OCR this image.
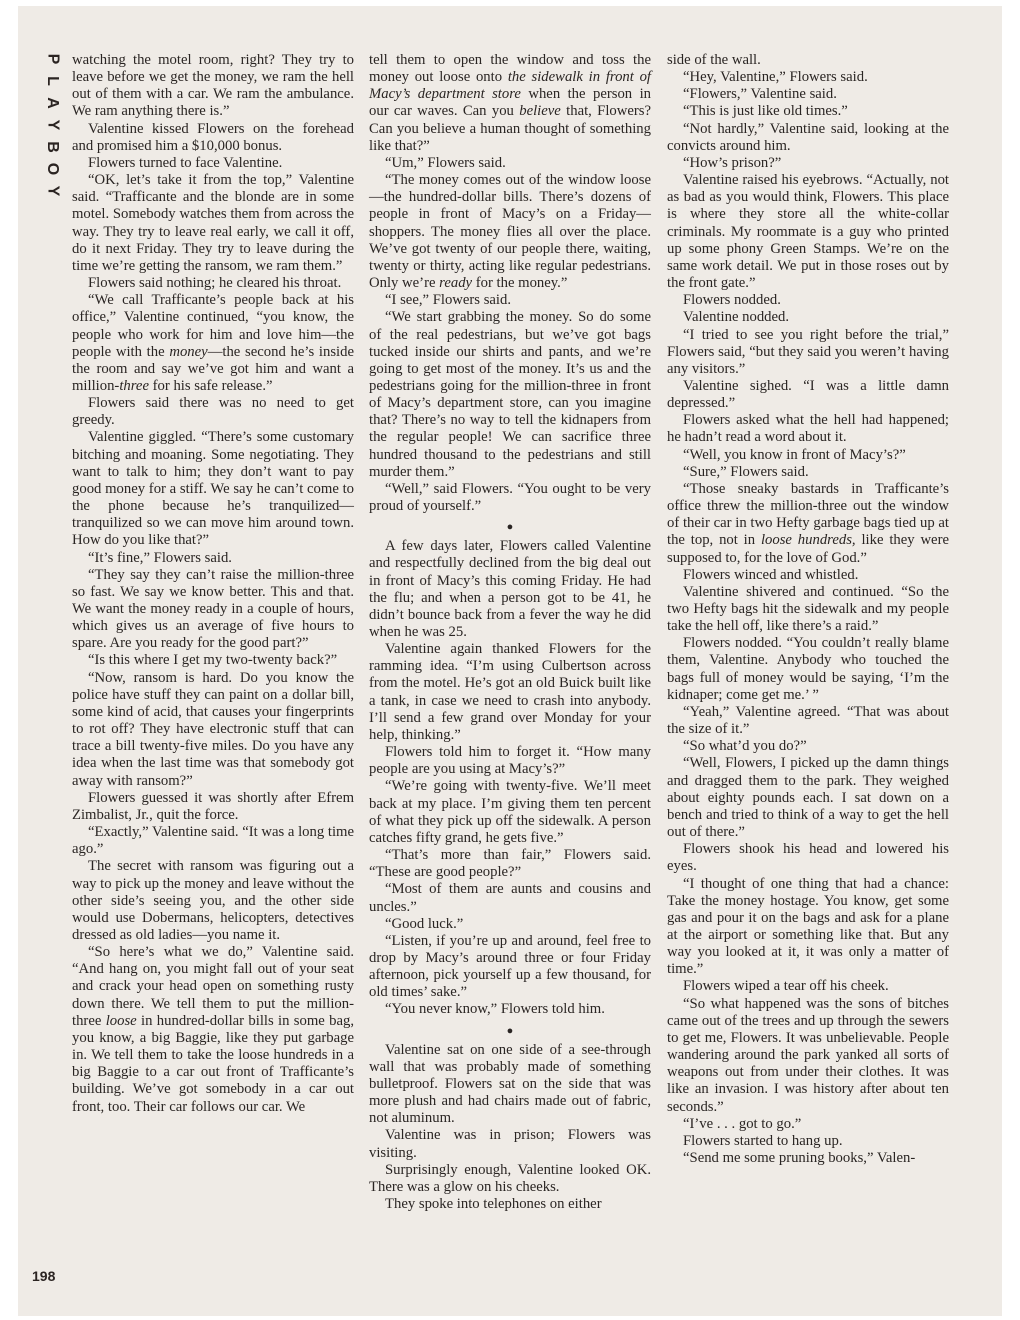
P
L
A
Y
B
O
Y

watching the motel room, right? They try to leave before we get the money, we ram the hell out of them with a car. We ram the ambulance. We ram anything there is.”

Valentine kissed Flowers on the forehead and promised him a $10,000 bonus.

Flowers turned to face Valentine.

“OK, let’s take it from the top,” Valentine said. “Trafficante and the blonde are in some motel. Somebody watches them from across the way. They try to leave real early, we call it off, do it next Friday. They try to leave during the time we’re getting the ransom, we ram them.”

Flowers said nothing; he cleared his throat.

“We call Trafficante’s people back at his office,” Valentine continued, “you know, the people who work for him and love him—the people with the money—the second he’s inside the room and say we’ve got him and want a million-three for his safe release.”

Flowers said there was no need to get greedy.

Valentine giggled. “There’s some customary bitching and moaning. Some negotiating. They want to talk to him; they don’t want to pay good money for a stiff. We say he can’t come to the phone because he’s tranquilized—tranquilized so we can move him around town. How do you like that?”

“It’s fine,” Flowers said.

“They say they can’t raise the million-three so fast. We say we know better. This and that. We want the money ready in a couple of hours, which gives us an average of five hours to spare. Are you ready for the good part?”

“Is this where I get my two-twenty back?”

“Now, ransom is hard. Do you know the police have stuff they can paint on a dollar bill, some kind of acid, that causes your fingerprints to rot off? They have electronic stuff that can trace a bill twenty-five miles. Do you have any idea when the last time was that somebody got away with ransom?”

Flowers guessed it was shortly after Efrem Zimbalist, Jr., quit the force.

“Exactly,” Valentine said. “It was a long time ago.”

The secret with ransom was figuring out a way to pick up the money and leave without the other side’s seeing you, and the other side would use Dobermans, helicopters, detectives dressed as old ladies—you name it.

“So here’s what we do,” Valentine said. “And hang on, you might fall out of your seat and crack your head open on something rusty down there. We tell them to put the million-three loose in hundred-dollar bills in some bag, you know, a big Baggie, like they put garbage in. We tell them to take the loose hundreds in a big Baggie to a car out front of Trafficante’s building. We’ve got somebody in a car out front, too. Their car follows our car. We

tell them to open the window and toss the money out loose onto the sidewalk in front of Macy’s department store when the person in our car waves. Can you believe that, Flowers? Can you believe a human thought of something like that?”

“Um,” Flowers said.

“The money comes out of the window loose—the hundred-dollar bills. There’s dozens of people in front of Macy’s on a Friday—shoppers. The money flies all over the place. We’ve got twenty of our people there, waiting, twenty or thirty, acting like regular pedestrians. Only we’re ready for the money.”

“I see,” Flowers said.

“We start grabbing the money. So do some of the real pedestrians, but we’ve got bags tucked inside our shirts and pants, and we’re going to get most of the money. It’s us and the pedestrians going for the million-three in front of Macy’s department store, can you imagine that? There’s no way to tell the kidnapers from the regular people! We can sacrifice three hundred thousand to the pedestrians and still murder them.”

“Well,” said Flowers. “You ought to be very proud of yourself.”

●

A few days later, Flowers called Valentine and respectfully declined from the big deal out in front of Macy’s this coming Friday. He had the flu; and when a person got to be 41, he didn’t bounce back from a fever the way he did when he was 25.

Valentine again thanked Flowers for the ramming idea. “I’m using Culbertson across from the motel. He’s got an old Buick built like a tank, in case we need to crash into anybody. I’ll send a few grand over Monday for your help, thinking.”

Flowers told him to forget it. “How many people are you using at Macy’s?”

“We’re going with twenty-five. We’ll meet back at my place. I’m giving them ten percent of what they pick up off the sidewalk. A person catches fifty grand, he gets five.”

“That’s more than fair,” Flowers said. “These are good people?”

“Most of them are aunts and cousins and uncles.”

“Good luck.”

“Listen, if you’re up and around, feel free to drop by Macy’s around three or four Friday afternoon, pick yourself up a few thousand, for old times’ sake.”

“You never know,” Flowers told him.

●

Valentine sat on one side of a see-through wall that was probably made of something bulletproof. Flowers sat on the side that was more plush and had chairs made out of fabric, not aluminum.

Valentine was in prison; Flowers was visiting.

Surprisingly enough, Valentine looked OK. There was a glow on his cheeks.

They spoke into telephones on either

side of the wall.

“Hey, Valentine,” Flowers said.

“Flowers,” Valentine said.

“This is just like old times.”

“Not hardly,” Valentine said, looking at the convicts around him.

“How’s prison?”

Valentine raised his eyebrows. “Actually, not as bad as you would think, Flowers. This place is where they store all the white-collar criminals. My roommate is a guy who printed up some phony Green Stamps. We’re on the same work detail. We put in those roses out by the front gate.”

Flowers nodded.

Valentine nodded.

“I tried to see you right before the trial,” Flowers said, “but they said you weren’t having any visitors.”

Valentine sighed. “I was a little damn depressed.”

Flowers asked what the hell had happened; he hadn’t read a word about it.

“Well, you know in front of Macy’s?”

“Sure,” Flowers said.

“Those sneaky bastards in Trafficante’s office threw the million-three out the window of their car in two Hefty garbage bags tied up at the top, not in loose hundreds, like they were supposed to, for the love of God.”

Flowers winced and whistled.

Valentine shivered and continued. “So the two Hefty bags hit the sidewalk and my people take the hell off, like there’s a raid.”

Flowers nodded. “You couldn’t really blame them, Valentine. Anybody who touched the bags full of money would be saying, ‘I’m the kidnaper; come get me.’ ”

“Yeah,” Valentine agreed. “That was about the size of it.”

“So what’d you do?”

“Well, Flowers, I picked up the damn things and dragged them to the park. They weighed about eighty pounds each. I sat down on a bench and tried to think of a way to get the hell out of there.”

Flowers shook his head and lowered his eyes.

“I thought of one thing that had a chance: Take the money hostage. You know, get some gas and pour it on the bags and ask for a plane at the airport or something like that. But any way you looked at it, it was only a matter of time.”

Flowers wiped a tear off his cheek.

“So what happened was the sons of bitches came out of the trees and up through the sewers to get me, Flowers. It was unbelievable. People wandering around the park yanked all sorts of weapons out from under their clothes. It was like an invasion. I was history after about ten seconds.”

“I’ve . . . got to go.”

Flowers started to hang up.

“Send me some pruning books,” Valen-

198
